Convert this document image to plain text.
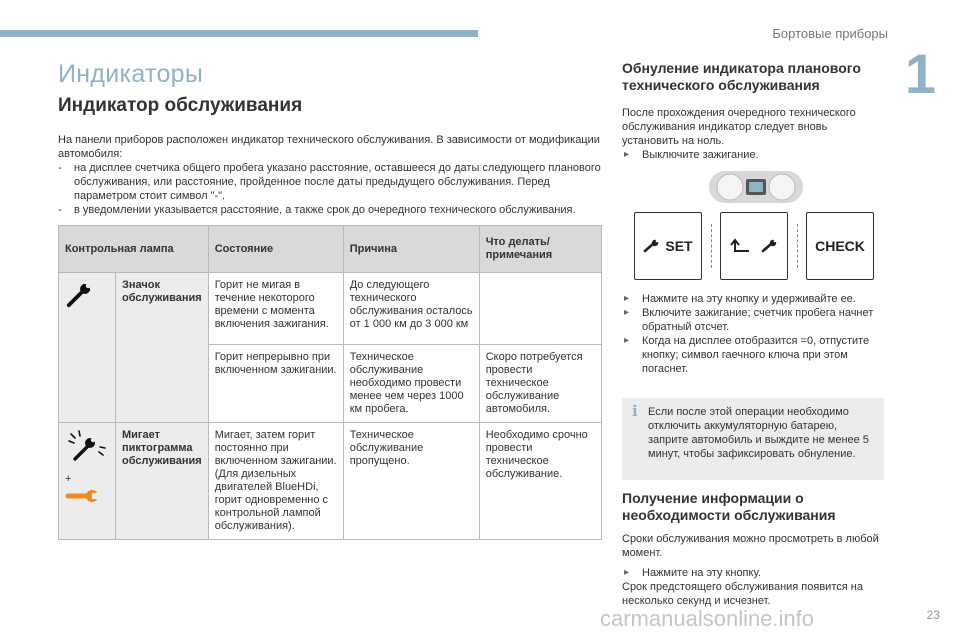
Бортовые приборы
1
23
Индикаторы
Индикатор обслуживания

На панели приборов расположен индикатор технического обслуживания. В зависимости от модификации автомобиля:

- на дисплее счетчика общего пробега указано расстояние, оставшееся до даты следующего планового обслуживания, или расстояние, пройденное после даты предыдущего обслуживания. Перед параметром стоит символ "-".
- в уведомлении указывается расстояние, а также срок до очередного технического обслуживания.
Контрольная лампа		Состояние	Причина	Что делать/ примечания
	Значок обслуживания	Горит не мигая в течение некоторого времени с момента включения зажигания.	До следующего технического обслуживания осталось от 1 000 км до 3 000 км	
		Горит непрерывно при включенном зажигании.	Техническое обслуживание необходимо провести менее чем через 1000 км пробега.	Скоро потребуется провести техническое обслуживание автомобиля.

+	Мигает пиктограмма обслуживания	Мигает, затем горит постоянно при включенном зажигании. (Для дизельных двигателей BlueHDi, горит одновременно с контрольной лампой обслуживания).	Техническое обслуживание пропущено.	Необходимо срочно провести техническое обслуживание.
Обнуление индикатора планового технического обслуживания

После прохождения очередного технического обслуживания индикатор следует вновь установить на ноль.

▸ Выключите зажигание.

SET	CHECK

▸ Нажмите на эту кнопку и удерживайте ее.

▸ Включите зажигание; счетчик пробега начнет обратный отсчет.

▸ Когда на дисплее отобразится =0, отпустите кнопку; символ гаечного ключа при этом погаснет.

i Если после этой операции необходимо отключить аккумуляторную батарею, заприте автомобиль и выждите не менее 5 минут, чтобы зафиксировать обнуление.

Получение информации о необходимости обслуживания

Сроки обслуживания можно просмотреть в любой момент.

▸ Нажмите на эту кнопку.

Срок предстоящего обслуживания появится на несколько секунд и исчезнет.

carmanualsonline.info
